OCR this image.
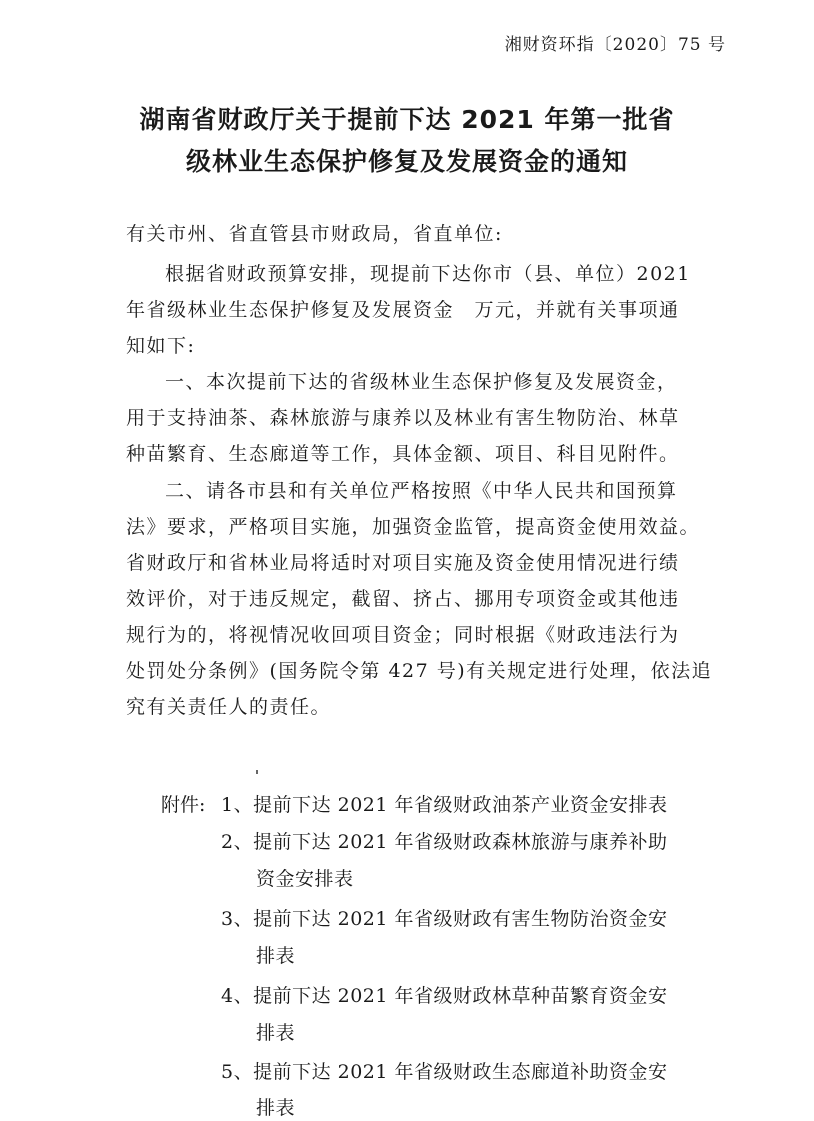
湘财资环指〔2020〕75 号
湖南省财政厅关于提前下达 2021 年第一批省
级林业生态保护修复及发展资金的通知
有关市州、省直管县市财政局，省直单位:
根据省财政预算安排，现提前下达你市（县、单位）2021
年省级林业生态保护修复及发展资金　万元，并就有关事项通
知如下:
一、本次提前下达的省级林业生态保护修复及发展资金，
用于支持油茶、森林旅游与康养以及林业有害生物防治、林草
种苗繁育、生态廊道等工作，具体金额、项目、科目见附件。
二、请各市县和有关单位严格按照《中华人民共和国预算
法》要求，严格项目实施，加强资金监管，提高资金使用效益。
省财政厅和省林业局将适时对项目实施及资金使用情况进行绩
效评价，对于违反规定，截留、挤占、挪用专项资金或其他违
规行为的，将视情况收回项目资金；同时根据《财政违法行为
处罚处分条例》(国务院令第 427 号)有关规定进行处理，依法追
究有关责任人的责任。
附件: 1、提前下达 2021 年省级财政油茶产业资金安排表
2、提前下达 2021 年省级财政森林旅游与康养补助
资金安排表
3、提前下达 2021 年省级财政有害生物防治资金安
排表
4、提前下达 2021 年省级财政林草种苗繁育资金安
排表
5、提前下达 2021 年省级财政生态廊道补助资金安
排表
